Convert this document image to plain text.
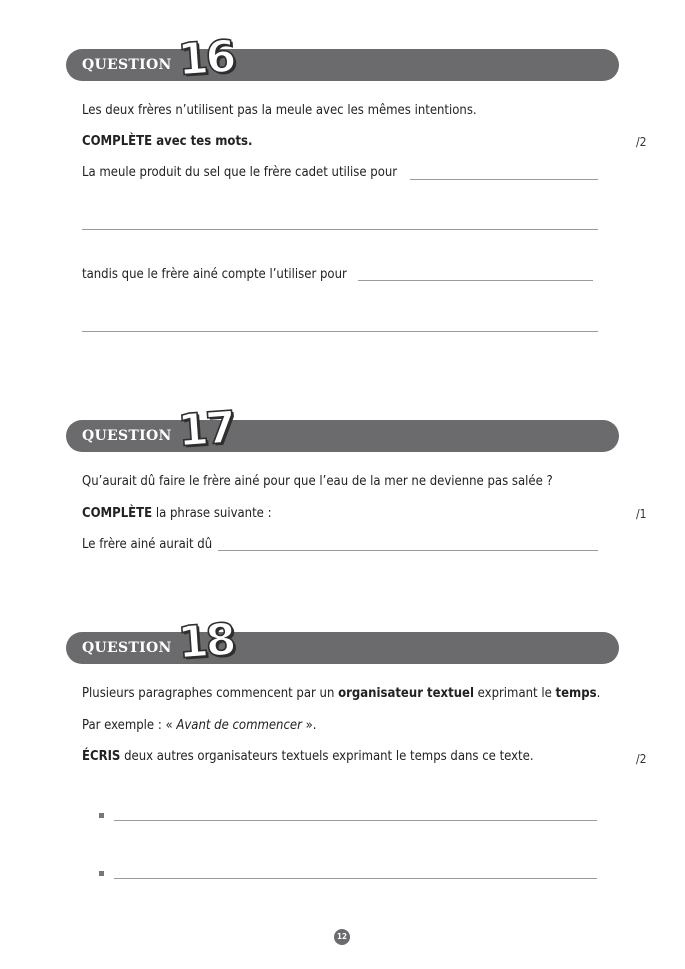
QUESTION 16
Les deux frères n’utilisent pas la meule avec les mêmes intentions.
COMPLÈTE avec tes mots.	/2
La meule produit du sel que le frère cadet utilise pour
tandis que le frère ainé compte l’utiliser pour
QUESTION 17
Qu’aurait dû faire le frère ainé pour que l’eau de la mer ne devienne pas salée ?
COMPLÈTE la phrase suivante :	/1
Le frère ainé aurait dû
QUESTION 18
Plusieurs paragraphes commencent par un organisateur textuel exprimant le temps.
Par exemple : « Avant de commencer ».
ÉCRIS deux autres organisateurs textuels exprimant le temps dans ce texte.	/2
12
